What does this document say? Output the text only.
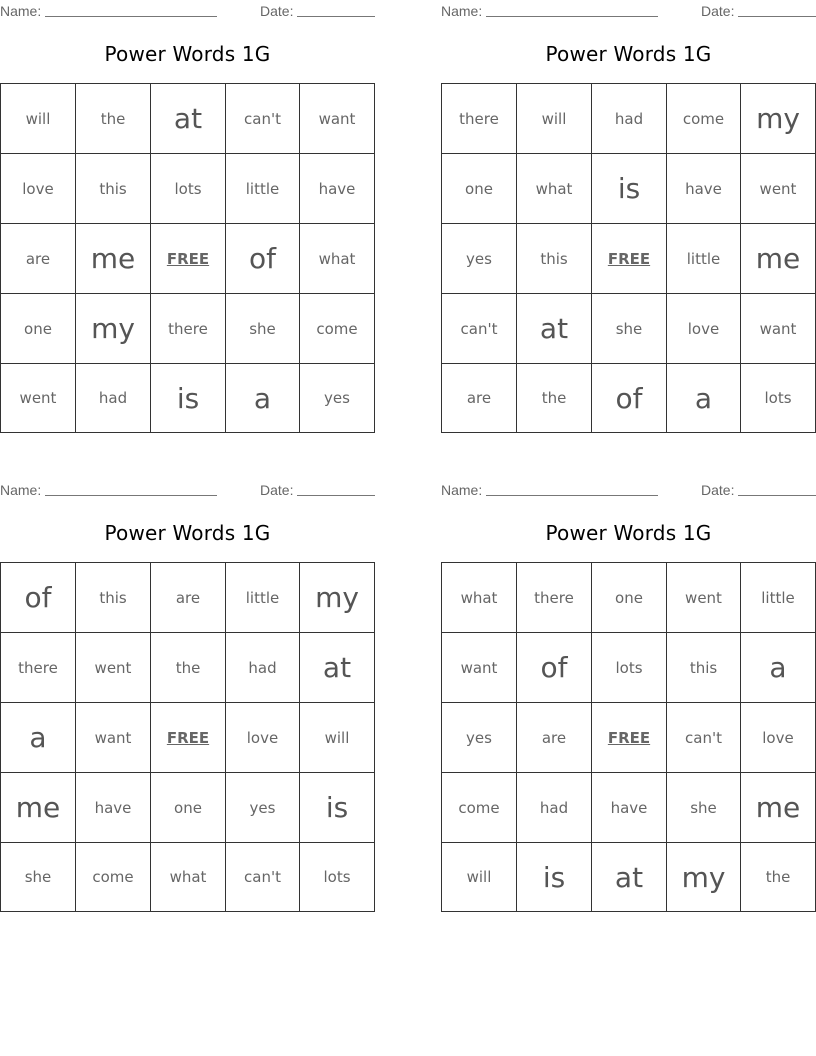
Name:	Date:
Power Words 1G
will	the	at	can't	want
love	this	lots	little	have
are	me	FREE	of	what
one	my	there	she	come
went	had	is	a	yes
Name:	Date:
Power Words 1G
there	will	had	come	my
one	what	is	have	went
yes	this	FREE	little	me
can't	at	she	love	want
are	the	of	a	lots
Name:	Date:
Power Words 1G
of	this	are	little	my
there	went	the	had	at
a	want	FREE	love	will
me	have	one	yes	is
she	come	what	can't	lots
Name:	Date:
Power Words 1G
what	there	one	went	little
want	of	lots	this	a
yes	are	FREE	can't	love
come	had	have	she	me
will	is	at	my	the
